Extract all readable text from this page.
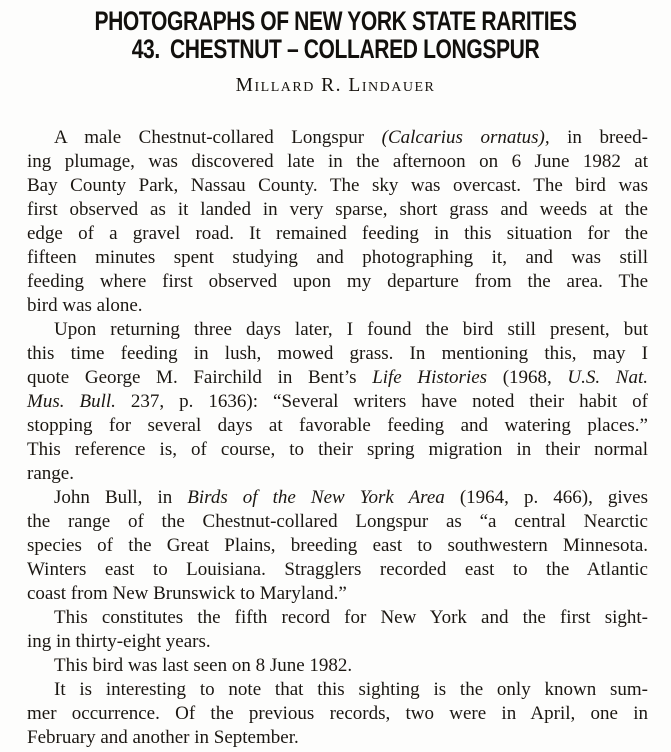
PHOTOGRAPHS OF NEW YORK STATE RARITIES
43. CHESTNUT – COLLARED LONGSPUR
Millard R. Lindauer
A male Chestnut-collared Longspur (Calcarius ornatus), in breed-
ing plumage, was discovered late in the afternoon on 6 June 1982 at
Bay County Park, Nassau County. The sky was overcast. The bird was
first observed as it landed in very sparse, short grass and weeds at the
edge of a gravel road. It remained feeding in this situation for the
fifteen minutes spent studying and photographing it, and was still
feeding where first observed upon my departure from the area. The
bird was alone.
Upon returning three days later, I found the bird still present, but
this time feeding in lush, mowed grass. In mentioning this, may I
quote George M. Fairchild in Bent’s Life Histories (1968, U.S. Nat.
Mus. Bull. 237, p. 1636): “Several writers have noted their habit of
stopping for several days at favorable feeding and watering places.”
This reference is, of course, to their spring migration in their normal
range.
John Bull, in Birds of the New York Area (1964, p. 466), gives
the range of the Chestnut-collared Longspur as “a central Nearctic
species of the Great Plains, breeding east to southwestern Minnesota.
Winters east to Louisiana. Stragglers recorded east to the Atlantic
coast from New Brunswick to Maryland.”
This constitutes the fifth record for New York and the first sight-
ing in thirty-eight years.
This bird was last seen on 8 June 1982.
It is interesting to note that this sighting is the only known sum-
mer occurrence. Of the previous records, two were in April, one in
February and another in September.
